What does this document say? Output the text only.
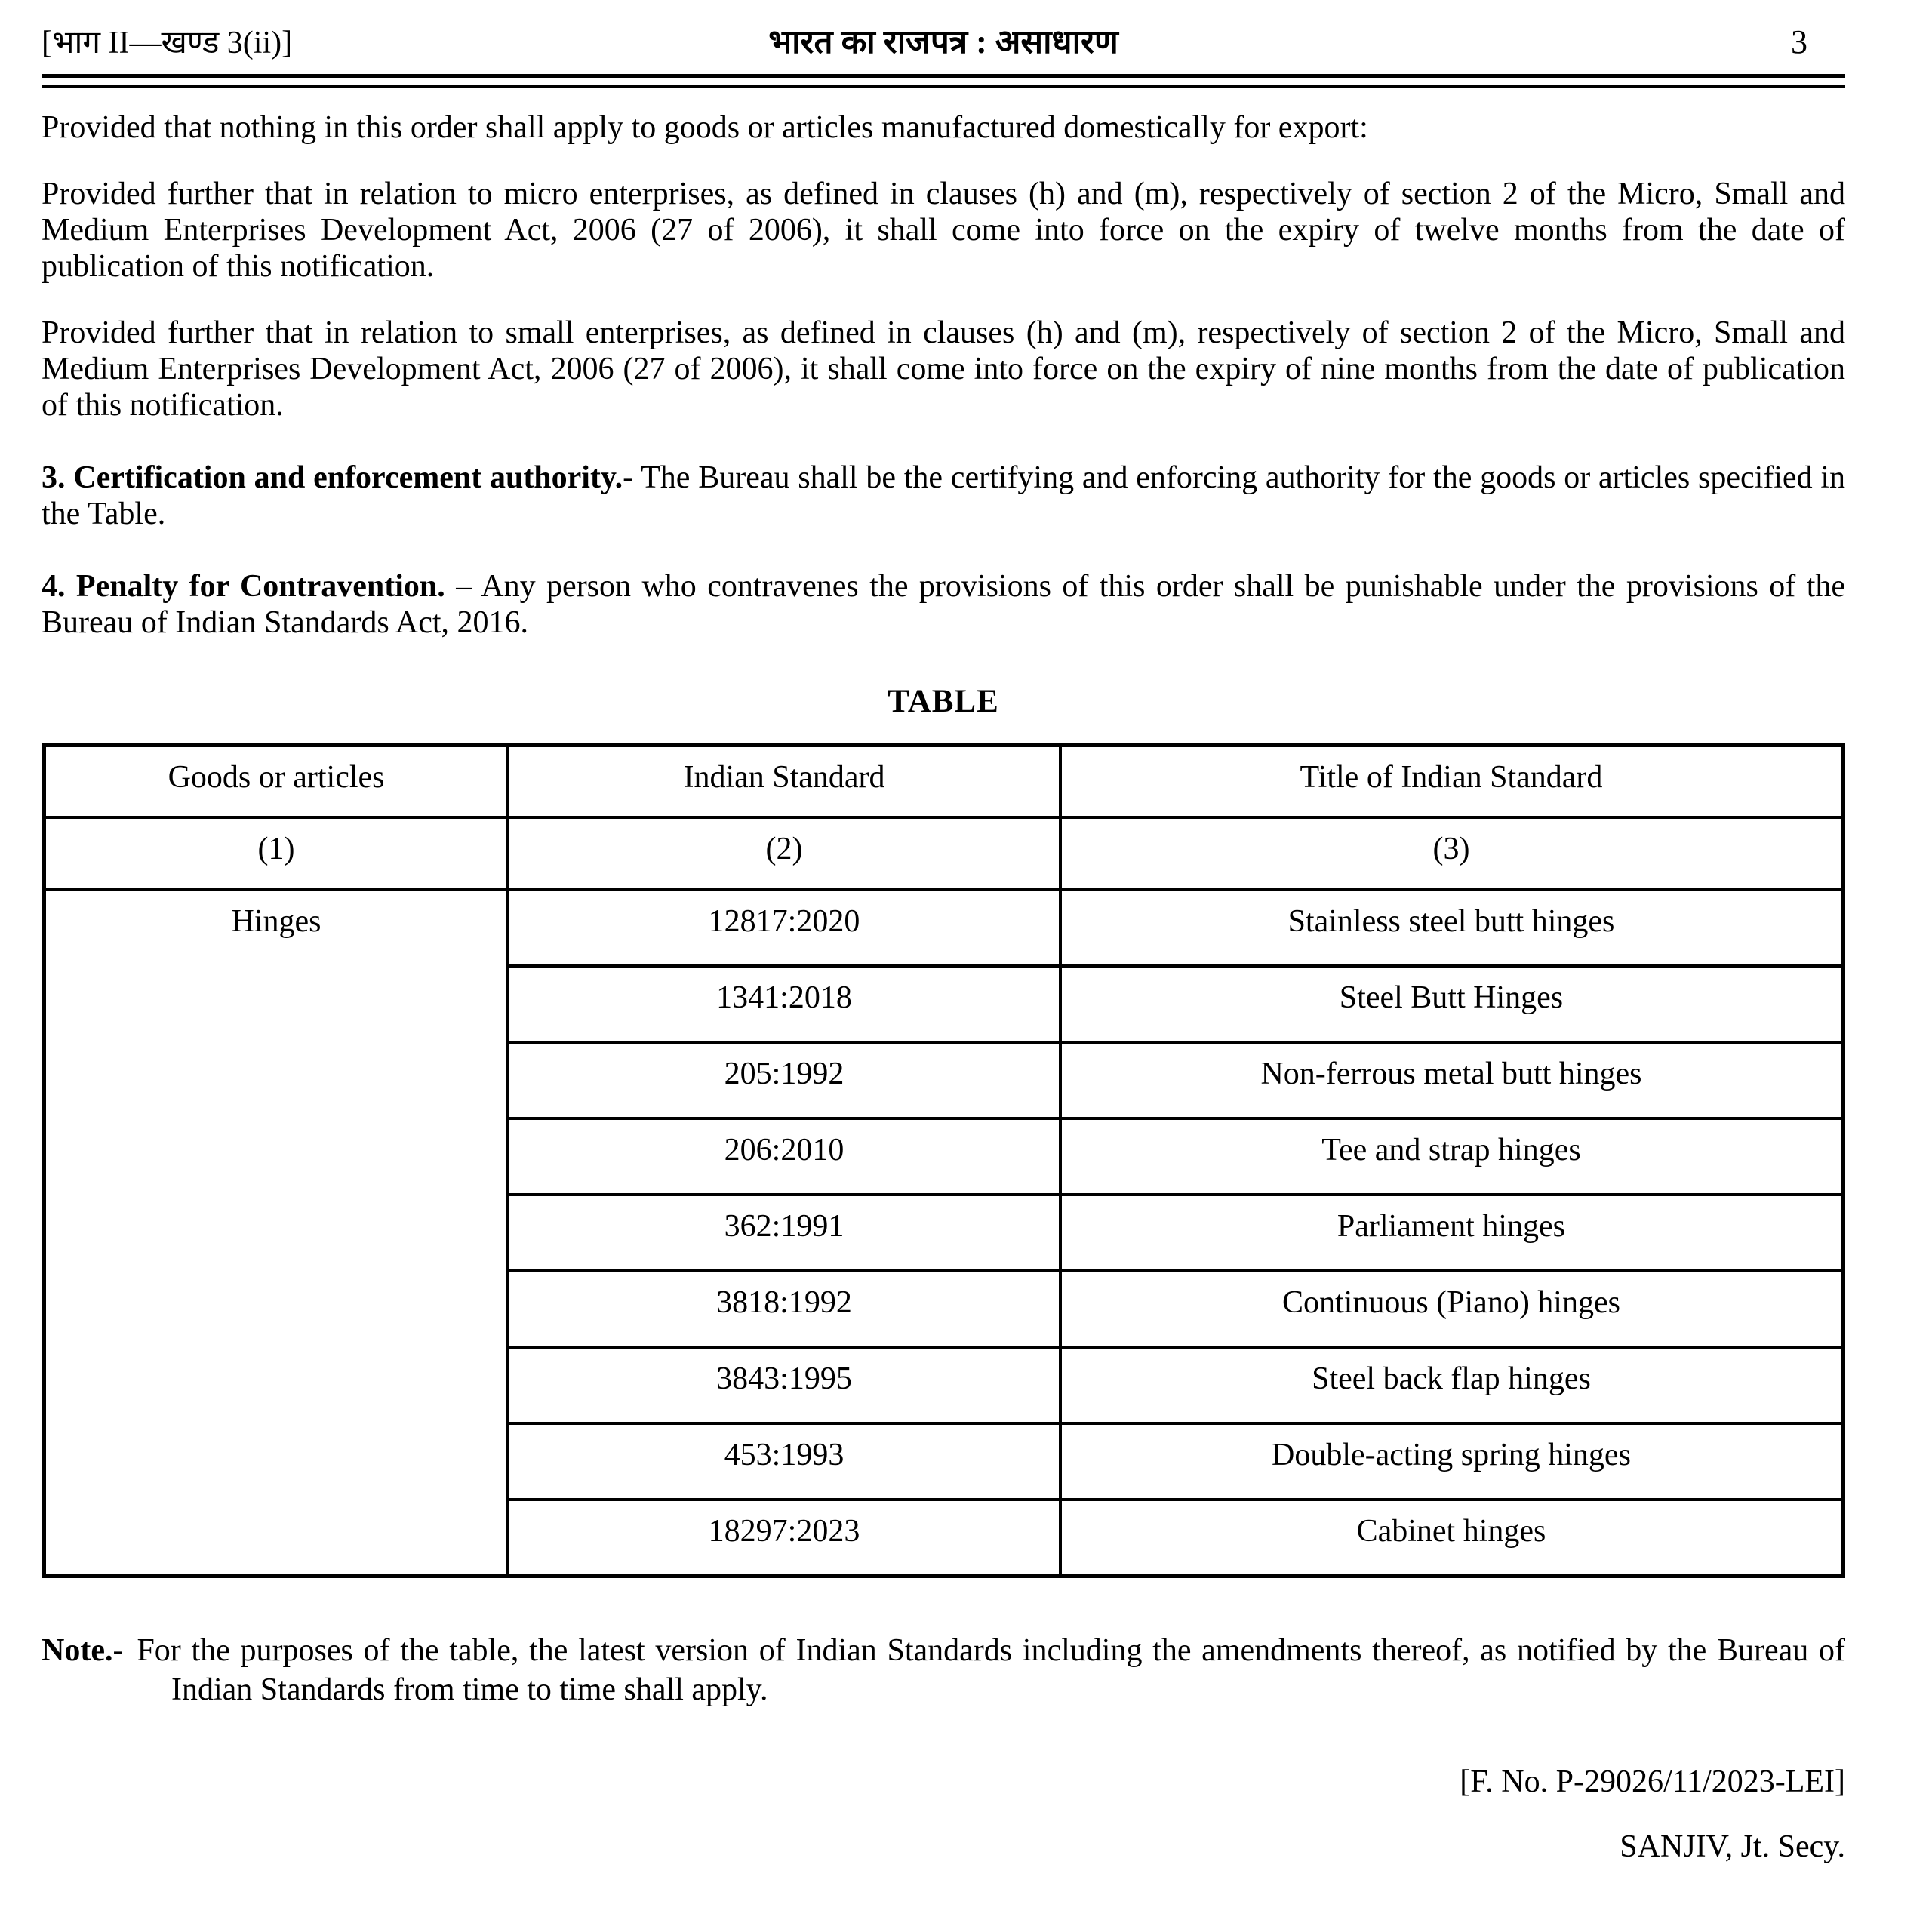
[भाग II—खण्ड 3(ii)]	भारत का राजपत्र : असाधारण	3

Provided that nothing in this order shall apply to goods or articles manufactured domestically for export:

Provided further that in relation to micro enterprises, as defined in clauses (h) and (m), respectively of section 2 of the Micro, Small and Medium Enterprises Development Act, 2006 (27 of 2006), it shall come into force on the expiry of twelve months from the date of publication of this notification.

Provided further that in relation to small enterprises, as defined in clauses (h) and (m), respectively of section 2 of the Micro, Small and Medium Enterprises Development Act, 2006 (27 of 2006), it shall come into force on the expiry of nine months from the date of publication of this notification.

3. Certification and enforcement authority.- The Bureau shall be the certifying and enforcing authority for the goods or articles specified in the Table.

4. Penalty for Contravention. – Any person who contravenes the provisions of this order shall be punishable under the provisions of the Bureau of Indian Standards Act, 2016.

TABLE
Goods or articles	Indian Standard	Title of Indian Standard
(1)	(2)	(3)
Hinges	12817:2020	Stainless steel butt hinges
	1341:2018	Steel Butt Hinges
	205:1992	Non-ferrous metal butt hinges
	206:2010	Tee and strap hinges
	362:1991	Parliament hinges
	3818:1992	Continuous (Piano) hinges
	3843:1995	Steel back flap hinges
	453:1993	Double-acting spring hinges
	18297:2023	Cabinet hinges

Note.- For the purposes of the table, the latest version of Indian Standards including the amendments thereof, as notified by the Bureau of Indian Standards from time to time shall apply.

[F. No. P-29026/11/2023-LEI]
SANJIV, Jt. Secy.
